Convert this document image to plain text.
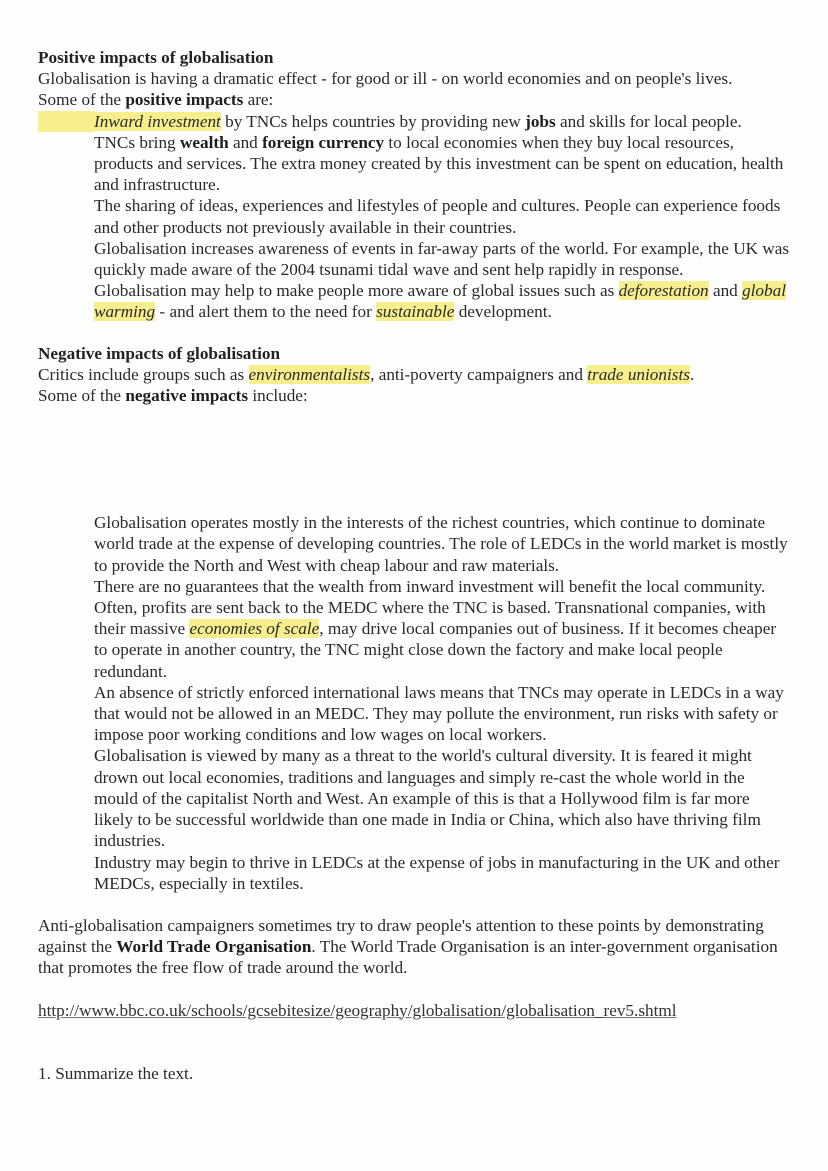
Positive impacts of globalisation
Globalisation is having a dramatic effect - for good or ill - on world economies and on people's lives.
Some of the positive impacts are:
Inward investment by TNCs helps countries by providing new jobs and skills for local people.
TNCs bring wealth and foreign currency to local economies when they buy local resources,
products and services. The extra money created by this investment can be spent on education, health
and infrastructure.
The sharing of ideas, experiences and lifestyles of people and cultures. People can experience foods
and other products not previously available in their countries.
Globalisation increases awareness of events in far-away parts of the world. For example, the UK was
quickly made aware of the 2004 tsunami tidal wave and sent help rapidly in response.
Globalisation may help to make people more aware of global issues such as deforestation and global
warming - and alert them to the need for sustainable development.
Negative impacts of globalisation
Critics include groups such as environmentalists, anti-poverty campaigners and trade unionists.
Some of the negative impacts include:
Globalisation operates mostly in the interests of the richest countries, which continue to dominate
world trade at the expense of developing countries. The role of LEDCs in the world market is mostly
to provide the North and West with cheap labour and raw materials.
There are no guarantees that the wealth from inward investment will benefit the local community.
Often, profits are sent back to the MEDC where the TNC is based. Transnational companies, with
their massive economies of scale, may drive local companies out of business. If it becomes cheaper
to operate in another country, the TNC might close down the factory and make local people
redundant.
An absence of strictly enforced international laws means that TNCs may operate in LEDCs in a way
that would not be allowed in an MEDC. They may pollute the environment, run risks with safety or
impose poor working conditions and low wages on local workers.
Globalisation is viewed by many as a threat to the world's cultural diversity. It is feared it might
drown out local economies, traditions and languages and simply re-cast the whole world in the
mould of the capitalist North and West. An example of this is that a Hollywood film is far more
likely to be successful worldwide than one made in India or China, which also have thriving film
industries.
Industry may begin to thrive in LEDCs at the expense of jobs in manufacturing in the UK and other
MEDCs, especially in textiles.
Anti-globalisation campaigners sometimes try to draw people's attention to these points by demonstrating
against the World Trade Organisation. The World Trade Organisation is an inter-government organisation
that promotes the free flow of trade around the world.
http://www.bbc.co.uk/schools/gcsebitesize/geography/globalisation/globalisation_rev5.shtml
1. Summarize the text.
